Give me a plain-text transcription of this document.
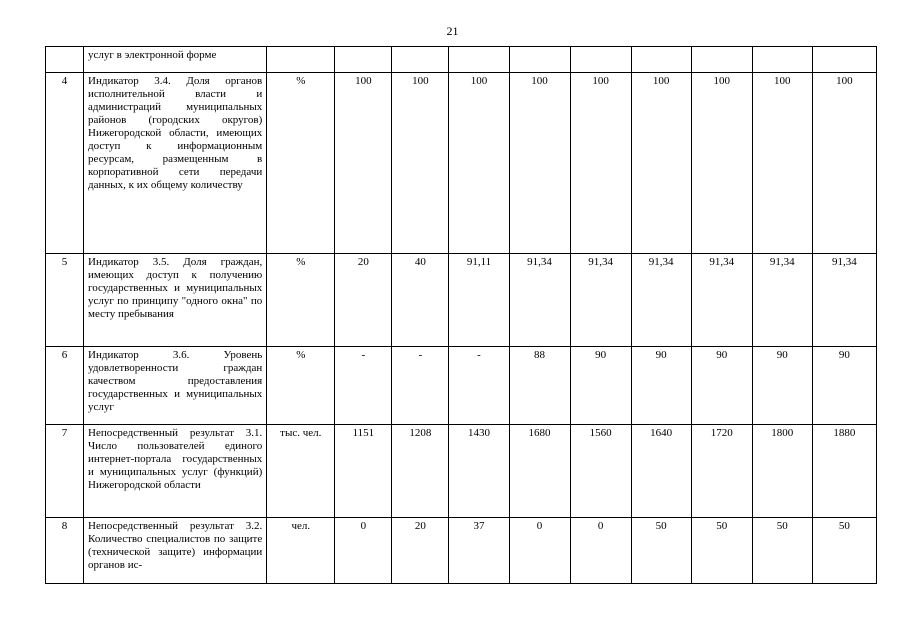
21
	услуг в электронной форме										
4	Индикатор 3.4. Доля органов исполнительной власти и администраций муниципальных районов (городских округов) Нижегородской области, имеющих доступ к информационным ресурсам, размещенным в корпоративной сети передачи данных, к их общему количеству	%	100	100	100	100	100	100	100	100	100
5	Индикатор 3.5. Доля граждан, имеющих доступ к получению государственных и муниципальных услуг по принципу "одного окна" по месту пребывания	%	20	40	91,11	91,34	91,34	91,34	91,34	91,34	91,34
6	Индикатор 3.6. Уровень удовлетворенности граждан качеством предоставления государственных и муниципальных услуг	%	-	-	-	88	90	90	90	90	90
7	Непосредственный результат 3.1. Число пользователей единого интернет-портала государственных и муниципальных услуг (функций) Нижегородской области	тыс. чел.	1151	1208	1430	1680	1560	1640	1720	1800	1880
8	Непосредственный результат 3.2. Количество специалистов по защите (технической защите) информации органов ис-	чел.	0	20	37	0	0	50	50	50	50
